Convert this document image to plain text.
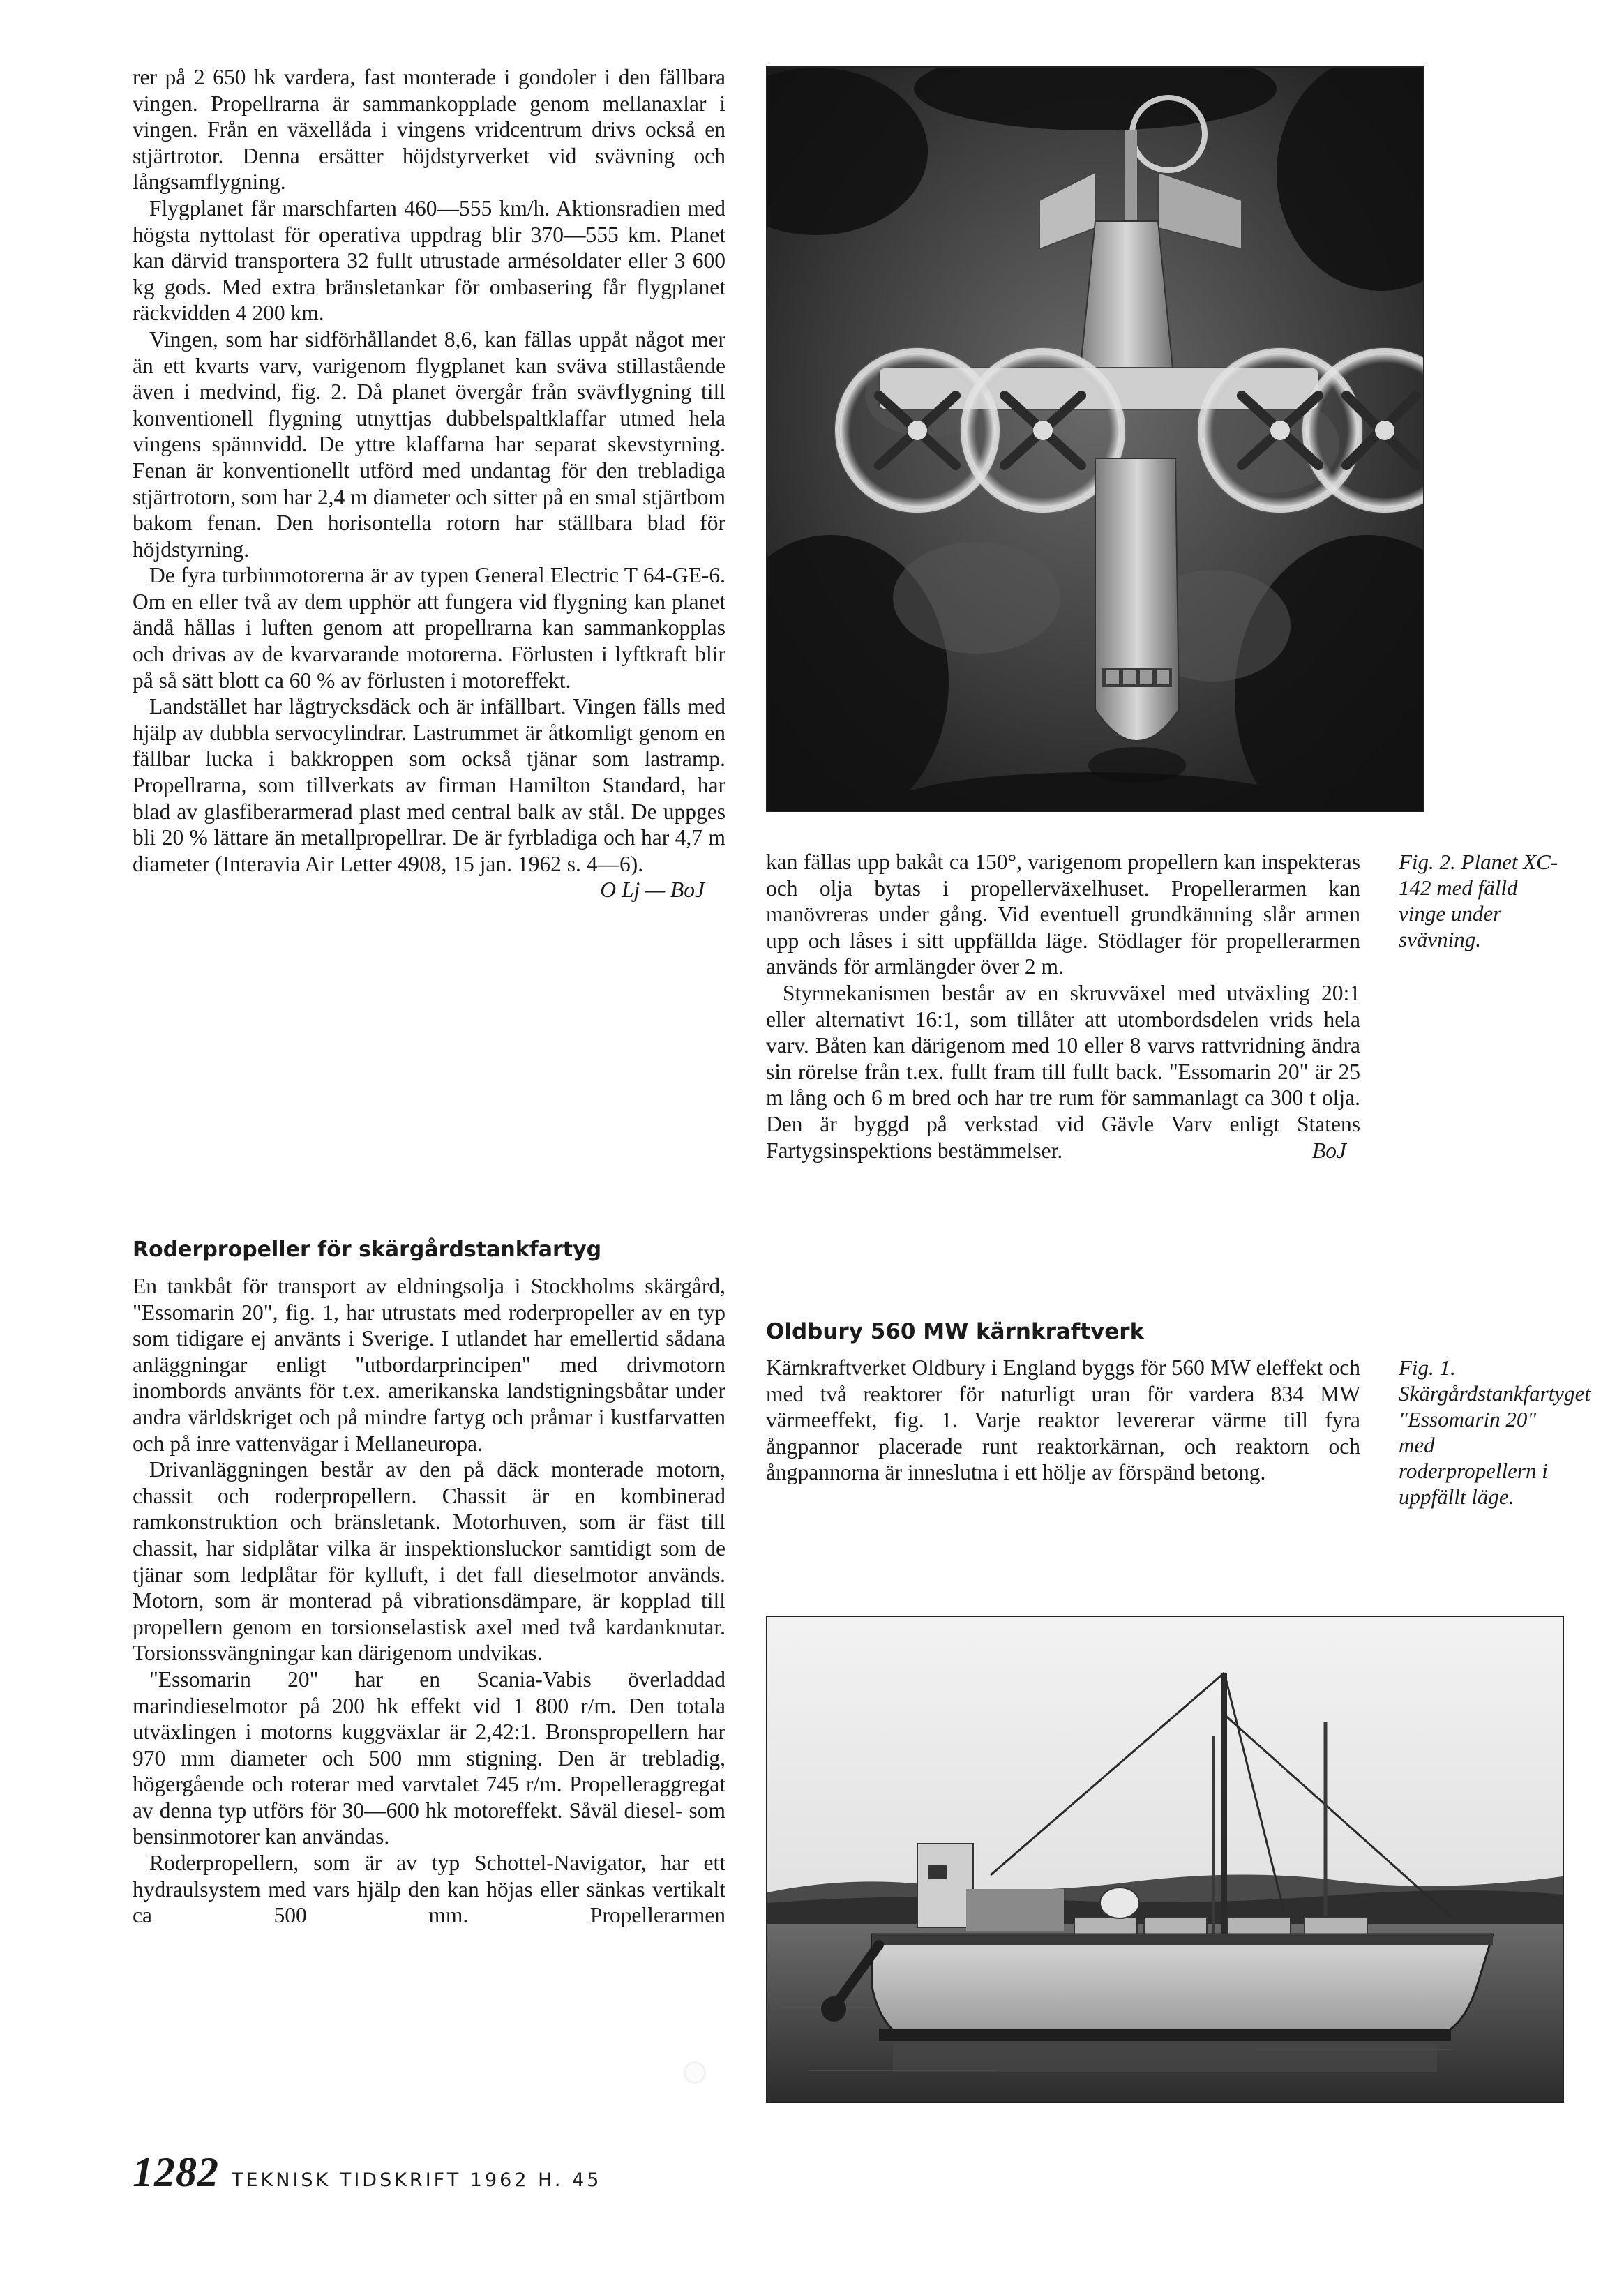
rer på 2 650 hk vardera, fast monterade i gondoler i den fällbara vingen. Propellrarna är sammankopplade genom mellanaxlar i vingen. Från en växellåda i vingens vridcentrum drivs också en stjärtrotor. Denna ersätter höjdstyrverket vid svävning och långsamflygning.

Flygplanet får marschfarten 460—555 km/h. Aktionsradien med högsta nyttolast för operativa uppdrag blir 370—555 km. Planet kan därvid transportera 32 fullt utrustade armésoldater eller 3 600 kg gods. Med extra bränsletankar för ombasering får flygplanet räckvidden 4 200 km.

Vingen, som har sidförhållandet 8,6, kan fällas uppåt något mer än ett kvarts varv, varigenom flygplanet kan sväva stillastående även i medvind, fig. 2. Då planet övergår från svävflygning till konventionell flygning utnyttjas dubbelspaltklaffar utmed hela vingens spännvidd. De yttre klaffarna har separat skevstyrning. Fenan är konventionellt utförd med undantag för den trebladiga stjärtrotorn, som har 2,4 m diameter och sitter på en smal stjärtbom bakom fenan. Den horisontella rotorn har ställbara blad för höjdstyrning.

De fyra turbinmotorerna är av typen General Electric T 64-GE-6. Om en eller två av dem upphör att fungera vid flygning kan planet ändå hållas i luften genom att propellrarna kan sammankopplas och drivas av de kvarvarande motorerna. Förlusten i lyftkraft blir på så sätt blott ca 60 % av förlusten i motoreffekt.

Landstället har lågtrycksdäck och är infällbart. Vingen fälls med hjälp av dubbla servocylindrar. Lastrummet är åtkomligt genom en fällbar lucka i bakkroppen som också tjänar som lastramp. Propellrarna, som tillverkats av firman Hamilton Standard, har blad av glasfiberarmerad plast med central balk av stål. De uppges bli 20 % lättare än metallpropellrar. De är fyrbladiga och har 4,7 m diameter (Interavia Air Letter 4908, 15 jan. 1962 s. 4—6).

O Lj — BoJ
Roderpropeller för skärgårdstankfartyg

En tankbåt för transport av eldningsolja i Stockholms skärgård, "Essomarin 20", fig. 1, har utrustats med roderpropeller av en typ som tidigare ej använts i Sverige. I utlandet har emellertid sådana anläggningar enligt "utbordarprincipen" med drivmotorn inombords använts för t.ex. amerikanska landstigningsbåtar under andra världskriget och på mindre fartyg och pråmar i kustfarvatten och på inre vattenvägar i Mellaneuropa.

Drivanläggningen består av den på däck monterade motorn, chassit och roderpropellern. Chassit är en kombinerad ramkonstruktion och bränsletank. Motorhuven, som är fäst till chassit, har sidplåtar vilka är inspektionsluckor samtidigt som de tjänar som ledplåtar för kylluft, i det fall dieselmotor används. Motorn, som är monterad på vibrationsdämpare, är kopplad till propellern genom en torsionselastisk axel med två kardanknutar. Torsionssvängningar kan därigenom undvikas.

"Essomarin 20" har en Scania-Vabis överladdad marindieselmotor på 200 hk effekt vid 1 800 r/m. Den totala utväxlingen i motorns kuggväxlar är 2,42:1. Bronspropellern har 970 mm diameter och 500 mm stigning. Den är trebladig, högergående och roterar med varvtalet 745 r/m. Propelleraggregat av denna typ utförs för 30—600 hk motoreffekt. Såväl diesel- som bensinmotorer kan användas.

Roderpropellern, som är av typ Schottel-Navigator, har ett hydraulsystem med vars hjälp den kan höjas eller sänkas vertikalt ca 500 mm. Propellerarmen

Fig. 2. Planet XC-142 med fälld vinge under svävning.

kan fällas upp bakåt ca 150°, varigenom propellern kan inspekteras och olja bytas i propellerväxelhuset. Propellerarmen kan manövreras under gång. Vid eventuell grundkänning slår armen upp och låses i sitt uppfällda läge. Stödlager för propellerarmen används för armlängder över 2 m.

Styrmekanismen består av en skruvväxel med utväxling 20:1 eller alternativt 16:1, som tillåter att utombordsdelen vrids hela varv. Båten kan därigenom med 10 eller 8 varvs rattvridning ändra sin rörelse från t.ex. fullt fram till fullt back. "Essomarin 20" är 25 m lång och 6 m bred och har tre rum för sammanlagt ca 300 t olja. Den är byggd på verkstad vid Gävle Varv enligt Statens Fartygsinspektions bestämmelser.	BoJ
Oldbury 560 MW kärnkraftverk

Kärnkraftverket Oldbury i England byggs för 560 MW eleffekt och med två reaktorer för naturligt uran för vardera 834 MW värmeeffekt, fig. 1. Varje reaktor levererar värme till fyra ångpannor placerade runt reaktorkärnan, och reaktorn och ångpannorna är inneslutna i ett hölje av förspänd betong.

Fig. 1. Skärgårdstankfartyget "Essomarin 20" med roderpropellern i uppfällt läge.

1282 TEKNISK TIDSKRIFT 1962 H. 45
